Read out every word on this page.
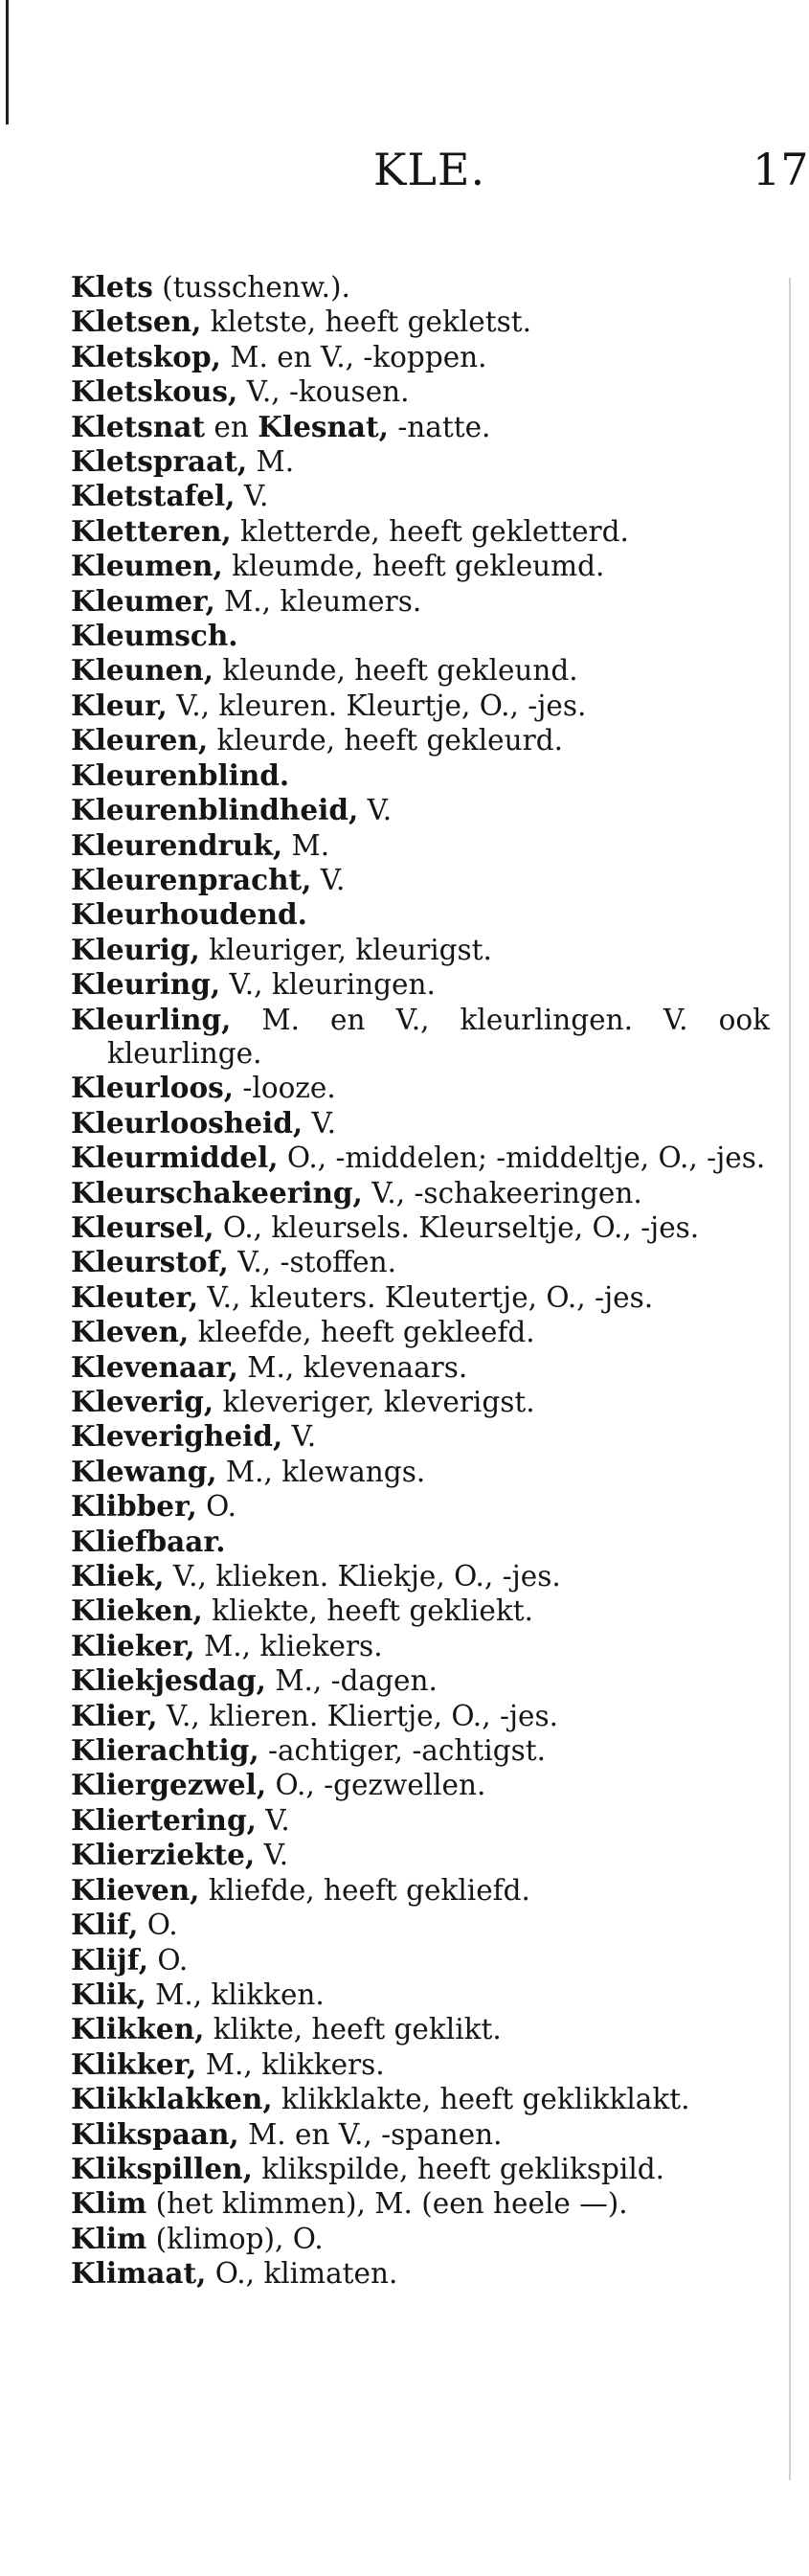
KLE.	17
Klets (tusschenw.).
Kletsen, kletste, heeft gekletst.
Kletskop, M. en V., -koppen.
Kletskous, V., -kousen.
Kletsnat en Klesnat, -natte.
Kletspraat, M.
Kletstafel, V.
Kletteren, kletterde, heeft gekletterd.
Kleumen, kleumde, heeft gekleumd.
Kleumer, M., kleumers.
Kleumsch.
Kleunen, kleunde, heeft gekleund.
Kleur, V., kleuren. Kleurtje, O., -jes.
Kleuren, kleurde, heeft gekleurd.
Kleurenblind.
Kleurenblindheid, V.
Kleurendruk, M.
Kleurenpracht, V.
Kleurhoudend.
Kleurig, kleuriger, kleurigst.
Kleuring, V., kleuringen.
Kleurling, M. en V., kleurlingen. V. ook kleurlinge.
Kleurloos, -looze.
Kleurloosheid, V.
Kleurmiddel, O., -middelen; -middeltje, O., -jes.
Kleurschakeering, V., -schakeeringen.
Kleursel, O., kleursels. Kleurseltje, O., -jes.
Kleurstof, V., -stoffen.
Kleuter, V., kleuters. Kleutertje, O., -jes.
Kleven, kleefde, heeft gekleefd.
Klevenaar, M., klevenaars.
Kleverig, kleveriger, kleverigst.
Kleverigheid, V.
Klewang, M., klewangs.
Klibber, O.
Kliefbaar.
Kliek, V., klieken. Kliekje, O., -jes.
Klieken, kliekte, heeft gekliekt.
Klieker, M., kliekers.
Kliekjesdag, M., -dagen.
Klier, V., klieren. Kliertje, O., -jes.
Klierachtig, -achtiger, -achtigst.
Kliergezwel, O., -gezwellen.
Kliertering, V.
Klierziekte, V.
Klieven, kliefde, heeft gekliefd.
Klif, O.
Klijf, O.
Klik, M., klikken.
Klikken, klikte, heeft geklikt.
Klikker, M., klikkers.
Klikklakken, klikklakte, heeft geklikklakt.
Klikspaan, M. en V., -spanen.
Klikspillen, klikspilde, heeft geklikspild.
Klim (het klimmen), M. (een heele —).
Klim (klimop), O.
Klimaat, O., klimaten.
